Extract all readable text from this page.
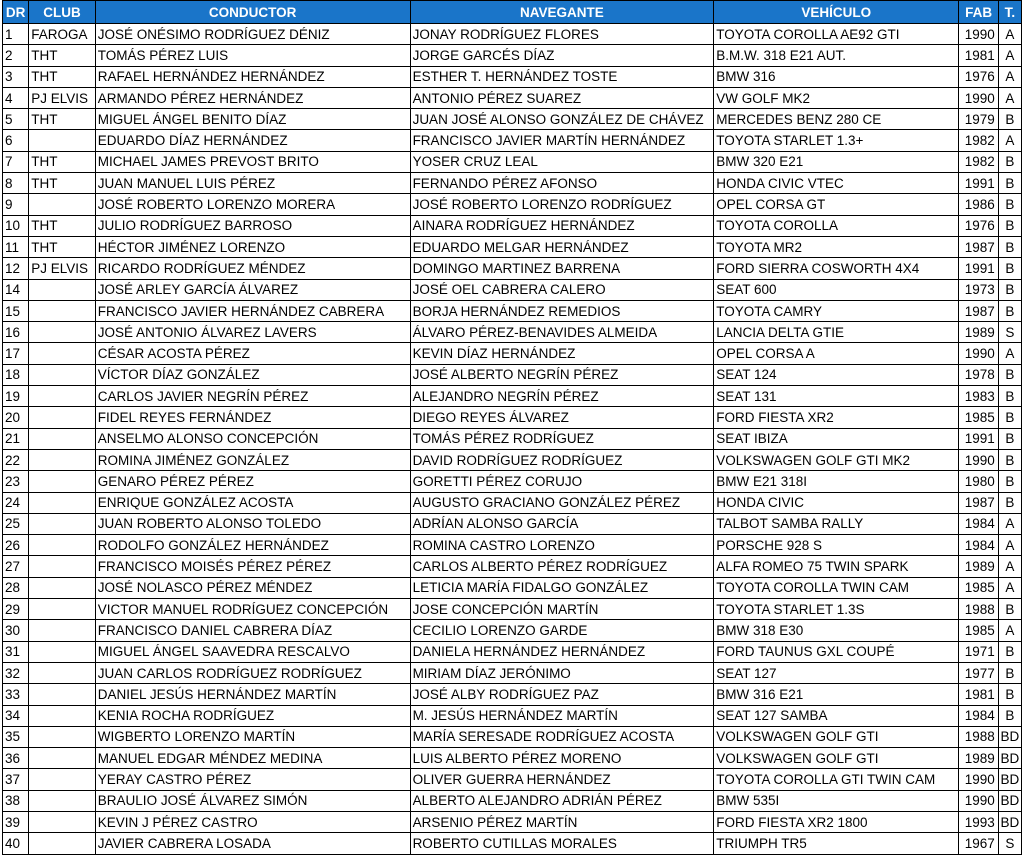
DR	CLUB	CONDUCTOR	NAVEGANTE	VEHÍCULO	FAB	T.
1	FAROGA	JOSÉ ONÉSIMO RODRÍGUEZ DÉNIZ	JONAY RODRÍGUEZ FLORES	TOYOTA COROLLA AE92 GTI	1990	A
2	THT	TOMÁS PÉREZ LUIS	JORGE GARCÉS DÍAZ	B.M.W. 318 E21 AUT.	1981	A
3	THT	RAFAEL HERNÁNDEZ HERNÁNDEZ	ESTHER T. HERNÁNDEZ TOSTE	BMW 316	1976	A
4	PJ ELVIS	ARMANDO PÉREZ HERNÁNDEZ	ANTONIO PÉREZ SUAREZ	VW GOLF MK2	1990	A
5	THT	MIGUEL ÁNGEL BENITO DÍAZ	JUAN JOSÉ ALONSO GONZÁLEZ DE CHÁVEZ	MERCEDES BENZ 280 CE	1979	B
6		EDUARDO DÍAZ HERNÁNDEZ	FRANCISCO JAVIER MARTÍN HERNÁNDEZ	TOYOTA STARLET 1.3+	1982	A
7	THT	MICHAEL JAMES PREVOST BRITO	YOSER CRUZ LEAL	BMW 320 E21	1982	B
8	THT	JUAN MANUEL LUIS PÉREZ	FERNANDO PÉREZ AFONSO	HONDA CIVIC VTEC	1991	B
9		JOSÉ ROBERTO LORENZO MORERA	JOSÉ ROBERTO LORENZO RODRÍGUEZ	OPEL CORSA GT	1986	B
10	THT	JULIO RODRÍGUEZ BARROSO	AINARA RODRÍGUEZ HERNÁNDEZ	TOYOTA COROLLA	1976	B
11	THT	HÉCTOR JIMÉNEZ LORENZO	EDUARDO MELGAR HERNÁNDEZ	TOYOTA MR2	1987	B
12	PJ ELVIS	RICARDO RODRÍGUEZ MÉNDEZ	DOMINGO MARTINEZ BARRENA	FORD SIERRA COSWORTH 4X4	1991	B
14		JOSÉ ARLEY GARCÍA ÁLVAREZ	JOSÉ OEL CABRERA CALERO	SEAT 600	1973	B
15		FRANCISCO JAVIER HERNÁNDEZ CABRERA	BORJA HERNÁNDEZ REMEDIOS	TOYOTA CAMRY	1987	B
16		JOSÉ ANTONIO ÁLVAREZ LAVERS	ÁLVARO PÉREZ-BENAVIDES ALMEIDA	LANCIA DELTA GTIE	1989	S
17		CÉSAR ACOSTA PÉREZ	KEVIN DÍAZ HERNÁNDEZ	OPEL CORSA A	1990	A
18		VÍCTOR DÍAZ GONZÁLEZ	JOSÉ ALBERTO NEGRÍN PÉREZ	SEAT 124	1978	B
19		CARLOS JAVIER NEGRÍN PÉREZ	ALEJANDRO NEGRÍN PÉREZ	SEAT 131	1983	B
20		FIDEL REYES FERNÁNDEZ	DIEGO REYES ÁLVAREZ	FORD FIESTA XR2	1985	B
21		ANSELMO ALONSO CONCEPCIÓN	TOMÁS PÉREZ RODRÍGUEZ	SEAT IBIZA	1991	B
22		ROMINA JIMÉNEZ GONZÁLEZ	DAVID RODRÍGUEZ RODRÍGUEZ	VOLKSWAGEN GOLF GTI MK2	1990	B
23		GENARO PÉREZ PÉREZ	GORETTI PÉREZ CORUJO	BMW E21 318I	1980	B
24		ENRIQUE GONZÁLEZ ACOSTA	AUGUSTO GRACIANO GONZÁLEZ PÉREZ	HONDA CIVIC	1987	B
25		JUAN ROBERTO ALONSO TOLEDO	ADRÍAN ALONSO GARCÍA	TALBOT SAMBA RALLY	1984	A
26		RODOLFO GONZÁLEZ HERNÁNDEZ	ROMINA CASTRO LORENZO	PORSCHE 928 S	1984	A
27		FRANCISCO MOISÉS PÉREZ PÉREZ	CARLOS ALBERTO PÉREZ RODRÍGUEZ	ALFA ROMEO 75 TWIN SPARK	1989	A
28		JOSÉ NOLASCO PÉREZ MÉNDEZ	LETICIA MARÍA FIDALGO GONZÁLEZ	TOYOTA COROLLA TWIN CAM	1985	A
29		VICTOR MANUEL RODRÍGUEZ CONCEPCIÓN	JOSE CONCEPCIÓN MARTÍN	TOYOTA STARLET 1.3S	1988	B
30		FRANCISCO DANIEL CABRERA DÍAZ	CECILIO LORENZO GARDE	BMW 318 E30	1985	A
31		MIGUEL ÁNGEL SAAVEDRA RESCALVO	DANIELA HERNÁNDEZ HERNÁNDEZ	FORD TAUNUS GXL COUPÉ	1971	B
32		JUAN CARLOS RODRÍGUEZ RODRÍGUEZ	MIRIAM DÍAZ JERÓNIMO	SEAT 127	1977	B
33		DANIEL JESÚS HERNÁNDEZ MARTÍN	JOSÉ ALBY RODRÍGUEZ PAZ	BMW 316 E21	1981	B
34		KENIA ROCHA RODRÍGUEZ	M. JESÚS HERNÁNDEZ MARTÍN	SEAT 127 SAMBA	1984	B
35		WIGBERTO LORENZO MARTÍN	MARÍA SERESADE RODRÍGUEZ ACOSTA	VOLKSWAGEN GOLF GTI	1988	BD
36		MANUEL EDGAR MÉNDEZ MEDINA	LUIS ALBERTO PÉREZ MORENO	VOLKSWAGEN GOLF GTI	1989	BD
37		YERAY CASTRO PÉREZ	OLIVER GUERRA HERNÁNDEZ	TOYOTA COROLLA GTI TWIN CAM	1990	BD
38		BRAULIO JOSÉ ÁLVAREZ SIMÓN	ALBERTO ALEJANDRO ADRIÁN PÉREZ	BMW 535I	1990	BD
39		KEVIN J PÉREZ CASTRO	ARSENIO PÉREZ MARTÍN	FORD FIESTA XR2 1800	1993	BD
40		JAVIER CABRERA LOSADA	ROBERTO CUTILLAS MORALES	TRIUMPH TR5	1967	S
